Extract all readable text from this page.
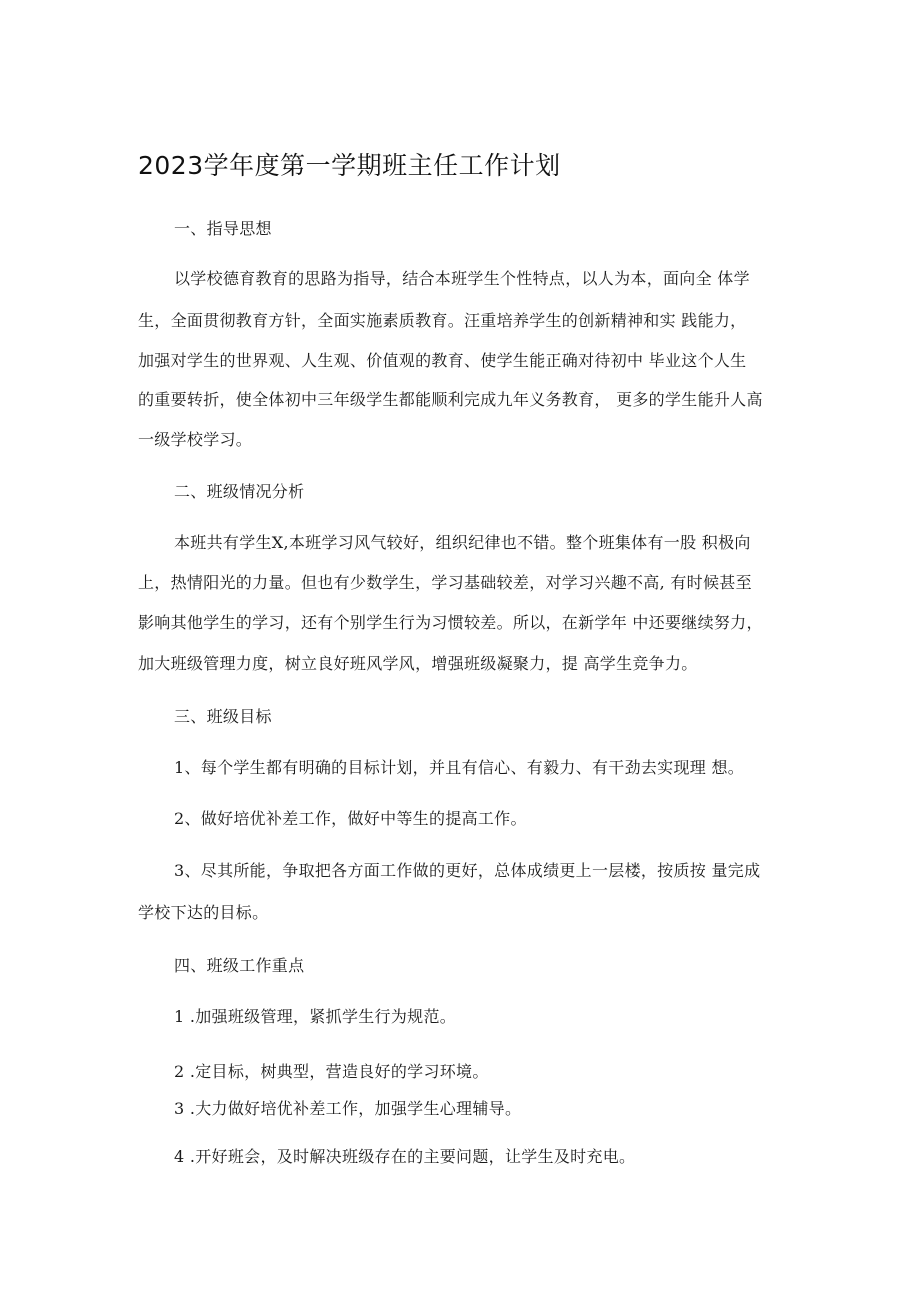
2023学年度第一学期班主任工作计划
一、指导思想
以学校德育教育的思路为指导，结合本班学生个性特点，以人为本，面向全 体学
生，全面贯彻教育方针，全面实施素质教育。汪重培养学生的创新精神和实 践能力，
加强对学生的世界观、人生观、价值观的教育、使学生能正确对待初中 毕业这个人生
的重要转折，使全体初中三年级学生都能顺利完成九年义务教育， 更多的学生能升人高
一级学校学习。
二、班级情况分析
本班共有学生X,本班学习风气较好，组织纪律也不错。整个班集体有一股 积极向
上，热情阳光的力量。但也有少数学生，学习基础较差，对学习兴趣不高, 有时候甚至
影响其他学生的学习，还有个别学生行为习惯较差。所以，在新学年 中还要继续努力，
加大班级管理力度，树立良好班风学风，增强班级凝聚力，提 高学生竞争力。
三、班级目标
1、每个学生都有明确的目标计划，并且有信心、有毅力、有干劲去实现理 想。
2、做好培优补差工作，做好中等生的提高工作。
3、尽其所能，争取把各方面工作做的更好，总体成绩更上一层楼，按质按 量完成
学校下达的目标。
四、班级工作重点
1 .加强班级管理，紧抓学生行为规范。
2 .定目标，树典型，营造良好的学习环境。
3 .大力做好培优补差工作，加强学生心理辅导。
4 .开好班会，及时解决班级存在的主要问题，让学生及时充电。
